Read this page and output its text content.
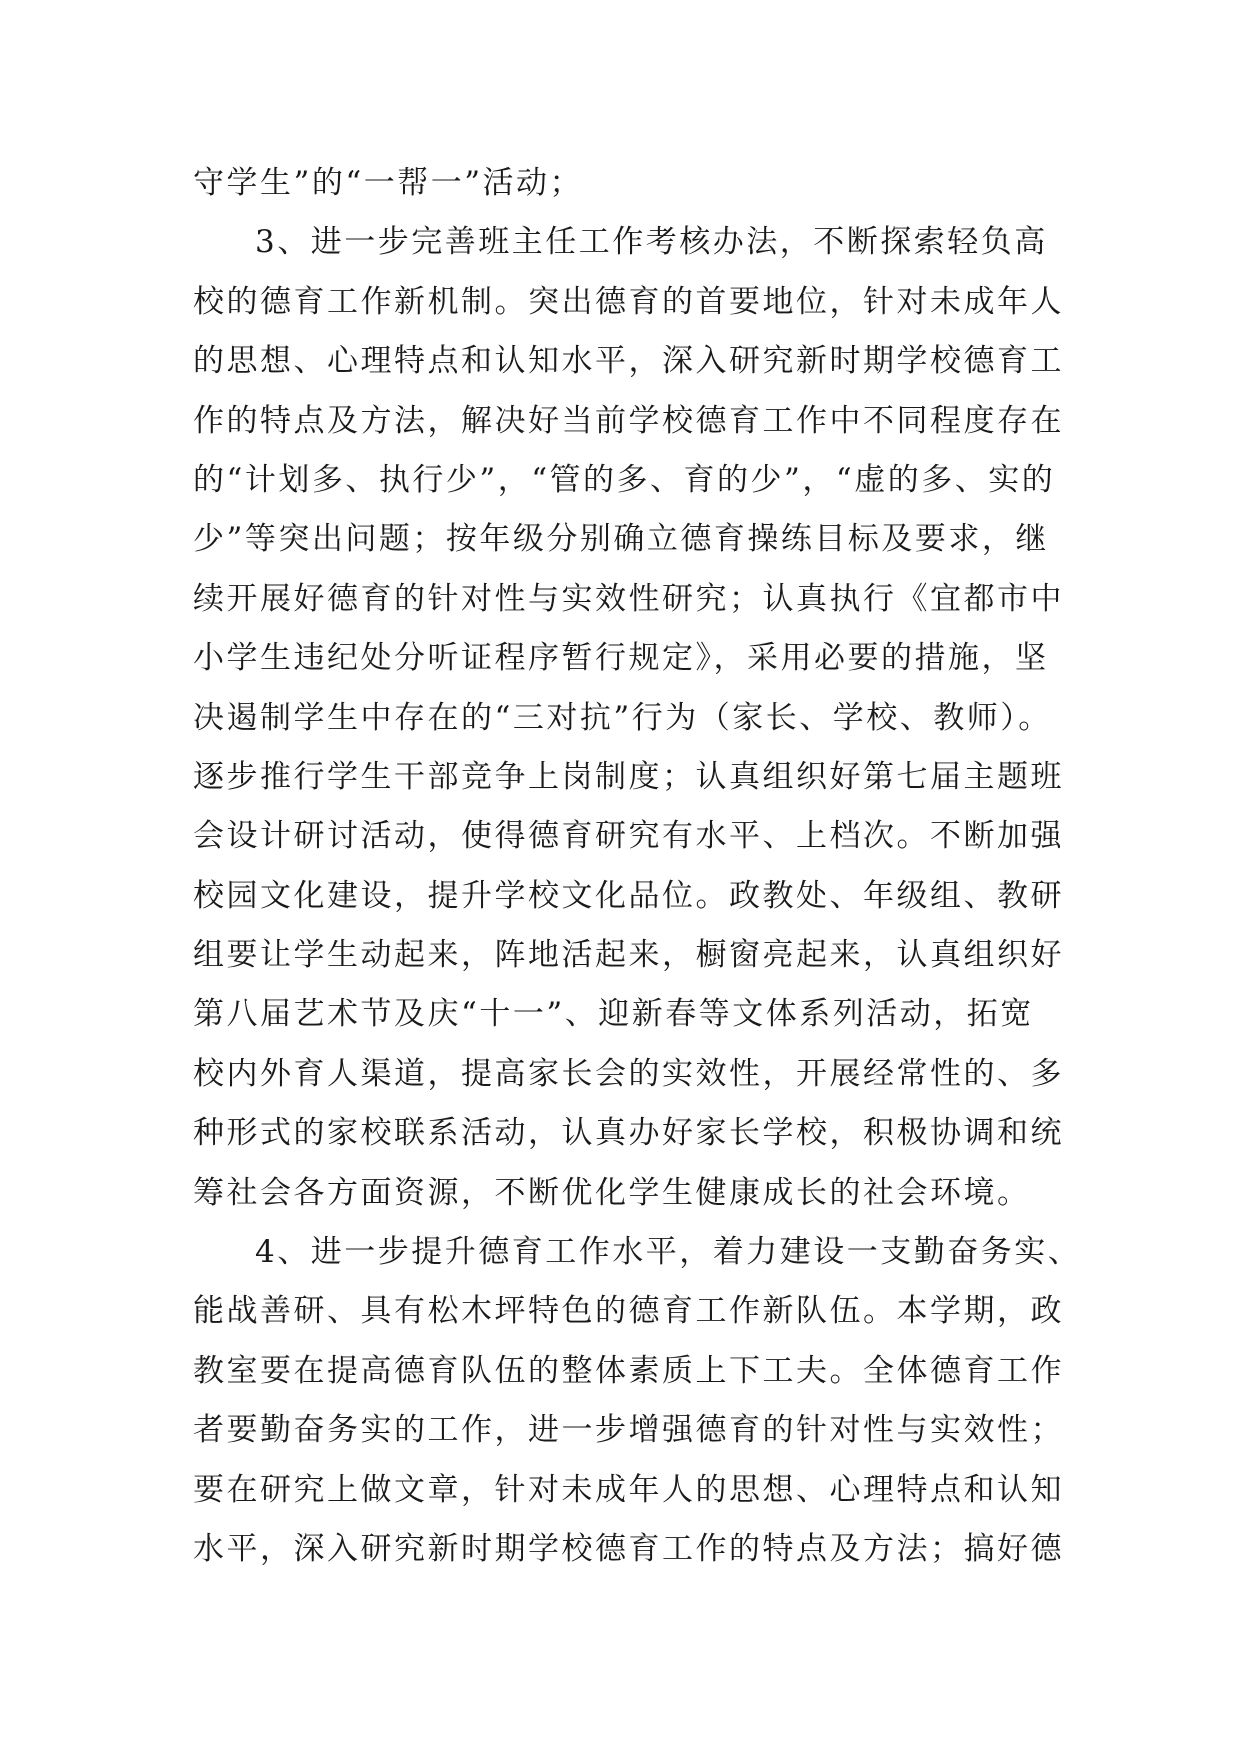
守学生”的“一帮一”活动；
3、进一步完善班主任工作考核办法，不断探索轻负高
校的德育工作新机制。突出德育的首要地位，针对未成年人
的思想、心理特点和认知水平，深入研究新时期学校德育工
作的特点及方法，解决好当前学校德育工作中不同程度存在
的“计划多、执行少”，“管的多、育的少”，“虚的多、实的
少”等突出问题；按年级分别确立德育操练目标及要求，继
续开展好德育的针对性与实效性研究；认真执行《宜都市中
小学生违纪处分听证程序暂行规定》，采用必要的措施，坚
决遏制学生中存在的“三对抗”行为（家长、学校、教师）。
逐步推行学生干部竞争上岗制度；认真组织好第七届主题班
会设计研讨活动，使得德育研究有水平、上档次。不断加强
校园文化建设，提升学校文化品位。政教处、年级组、教研
组要让学生动起来，阵地活起来，橱窗亮起来，认真组织好
第八届艺术节及庆“十一”、迎新春等文体系列活动，拓宽
校内外育人渠道，提高家长会的实效性，开展经常性的、多
种形式的家校联系活动，认真办好家长学校，积极协调和统
筹社会各方面资源，不断优化学生健康成长的社会环境。
4、进一步提升德育工作水平，着力建设一支勤奋务实、
能战善研、具有松木坪特色的德育工作新队伍。本学期，政
教室要在提高德育队伍的整体素质上下工夫。全体德育工作
者要勤奋务实的工作，进一步增强德育的针对性与实效性；
要在研究上做文章，针对未成年人的思想、心理特点和认知
水平，深入研究新时期学校德育工作的特点及方法；搞好德
